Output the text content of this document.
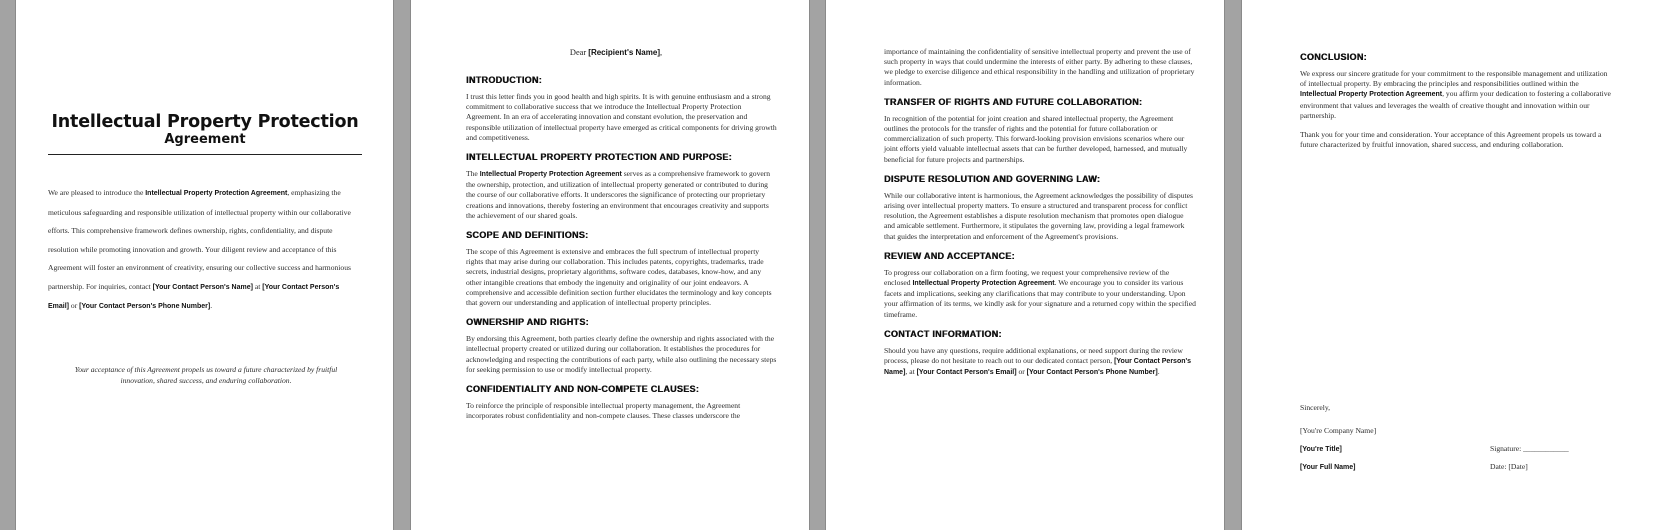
Intellectual Property Protection
Agreement

We are pleased to introduce the Intellectual Property Protection Agreement, emphasizing the meticulous safeguarding and responsible utilization of intellectual property within our collaborative efforts. This comprehensive framework defines ownership, rights, confidentiality, and dispute resolution while promoting innovation and growth. Your diligent review and acceptance of this Agreement will foster an environment of creativity, ensuring our collective success and harmonious partnership. For inquiries, contact [Your Contact Person's Name] at [Your Contact Person's Email] or [Your Contact Person's Phone Number].

Your acceptance of this Agreement propels us toward a future characterized by fruitful innovation, shared success, and enduring collaboration.

Dear [Recipient's Name],

INTRODUCTION:

I trust this letter finds you in good health and high spirits. It is with genuine enthusiasm and a strong commitment to collaborative success that we introduce the Intellectual Property Protection Agreement. In an era of accelerating innovation and constant evolution, the preservation and responsible utilization of intellectual property have emerged as critical components for driving growth and competitiveness.

INTELLECTUAL PROPERTY PROTECTION AND PURPOSE:

The Intellectual Property Protection Agreement serves as a comprehensive framework to govern the ownership, protection, and utilization of intellectual property generated or contributed to during the course of our collaborative efforts. It underscores the significance of protecting our proprietary creations and innovations, thereby fostering an environment that encourages creativity and supports the achievement of our shared goals.

SCOPE AND DEFINITIONS:

The scope of this Agreement is extensive and embraces the full spectrum of intellectual property rights that may arise during our collaboration. This includes patents, copyrights, trademarks, trade secrets, industrial designs, proprietary algorithms, software codes, databases, know-how, and any other intangible creations that embody the ingenuity and originality of our joint endeavors. A comprehensive and accessible definition section further elucidates the terminology and key concepts that govern our understanding and application of intellectual property principles.

OWNERSHIP AND RIGHTS:

By endorsing this Agreement, both parties clearly define the ownership and rights associated with the intellectual property created or utilized during our collaboration. It establishes the procedures for acknowledging and respecting the contributions of each party, while also outlining the necessary steps for seeking permission to use or modify intellectual property.

CONFIDENTIALITY AND NON-COMPETE CLAUSES:

To reinforce the principle of responsible intellectual property management, the Agreement incorporates robust confidentiality and non-compete clauses. These classes underscore the

importance of maintaining the confidentiality of sensitive intellectual property and prevent the use of such property in ways that could undermine the interests of either party. By adhering to these clauses, we pledge to exercise diligence and ethical responsibility in the handling and utilization of proprietary information.

TRANSFER OF RIGHTS AND FUTURE COLLABORATION:

In recognition of the potential for joint creation and shared intellectual property, the Agreement outlines the protocols for the transfer of rights and the potential for future collaboration or commercialization of such property. This forward-looking provision envisions scenarios where our joint efforts yield valuable intellectual assets that can be further developed, harnessed, and mutually beneficial for future projects and partnerships.

DISPUTE RESOLUTION AND GOVERNING LAW:

While our collaborative intent is harmonious, the Agreement acknowledges the possibility of disputes arising over intellectual property matters. To ensure a structured and transparent process for conflict resolution, the Agreement establishes a dispute resolution mechanism that promotes open dialogue and amicable settlement. Furthermore, it stipulates the governing law, providing a legal framework that guides the interpretation and enforcement of the Agreement's provisions.

REVIEW AND ACCEPTANCE:

To progress our collaboration on a firm footing, we request your comprehensive review of the enclosed Intellectual Property Protection Agreement. We encourage you to consider its various facets and implications, seeking any clarifications that may contribute to your understanding. Upon your affirmation of its terms, we kindly ask for your signature and a returned copy within the specified timeframe.

CONTACT INFORMATION:

Should you have any questions, require additional explanations, or need support during the review process, please do not hesitate to reach out to our dedicated contact person, [Your Contact Person's Name], at [Your Contact Person's Email] or [Your Contact Person's Phone Number].

CONCLUSION:

We express our sincere gratitude for your commitment to the responsible management and utilization of intellectual property. By embracing the principles and responsibilities outlined within the Intellectual Property Protection Agreement, you affirm your dedication to fostering a collaborative environment that values and leverages the wealth of creative thought and innovation within our partnership.

Thank you for your time and consideration. Your acceptance of this Agreement propels us toward a future characterized by fruitful innovation, shared success, and enduring collaboration.

Sincerely,
[You're Company Name]
[You're Title]	Signature: ____________
[Your Full Name]	Date: [Date]
